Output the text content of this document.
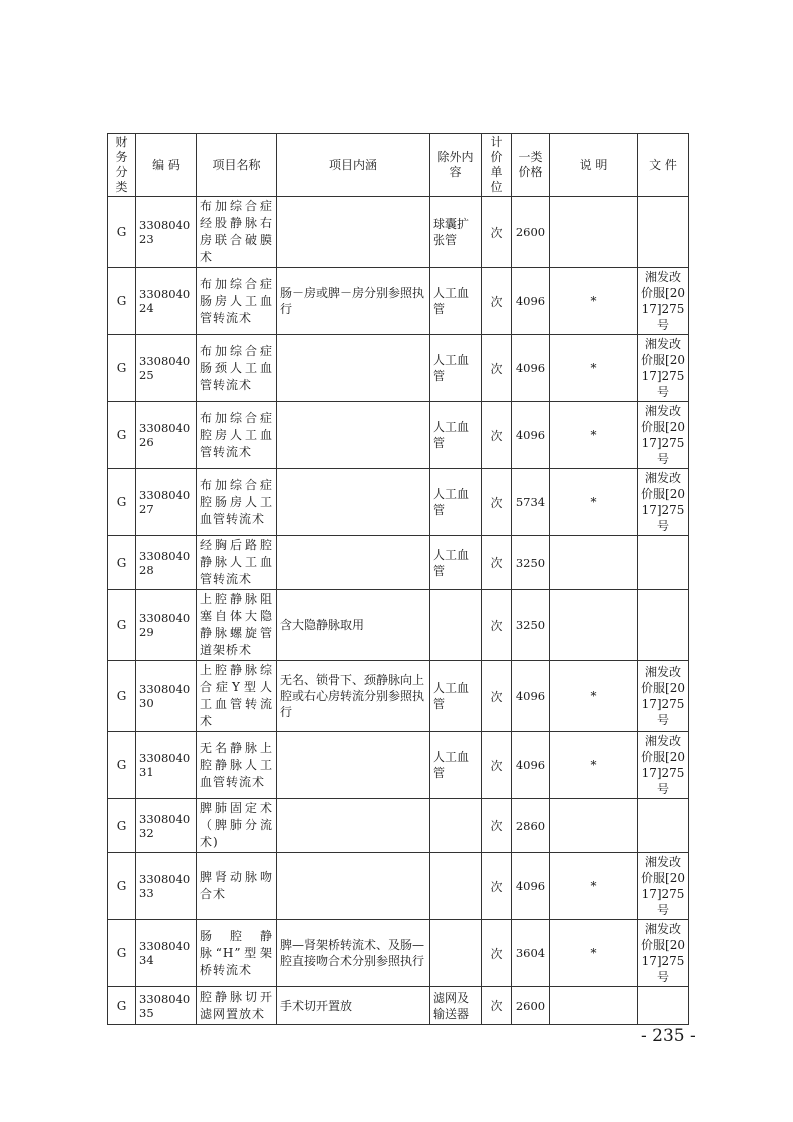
财务分类	编 码	项目名称	项目内涵	除外内容	计价单位	一类价格	说 明	文 件
G	330804023	布加综合症经股静脉右房联合破膜术		球囊扩张管	次	2600		
G	330804024	布加综合症肠房人工血管转流术	肠－房或脾－房分别参照执行	人工血管	次	4096	*	湘发改价服[2017]275号
G	330804025	布加综合症肠颈人工血管转流术		人工血管	次	4096	*	湘发改价服[2017]275号
G	330804026	布加综合症腔房人工血管转流术		人工血管	次	4096	*	湘发改价服[2017]275号
G	330804027	布加综合症腔肠房人工血管转流术		人工血管	次	5734	*	湘发改价服[2017]275号
G	330804028	经胸后路腔静脉人工血管转流术		人工血管	次	3250		
G	330804029	上腔静脉阻塞自体大隐静脉螺旋管道架桥术	含大隐静脉取用		次	3250		
G	330804030	上腔静脉综合症Y型人工血管转流术	无名、锁骨下、颈静脉向上腔或右心房转流分别参照执行	人工血管	次	4096	*	湘发改价服[2017]275号
G	330804031	无名静脉上腔静脉人工血管转流术		人工血管	次	4096	*	湘发改价服[2017]275号
G	330804032	脾肺固定术（脾肺分流术)			次	2860		
G	330804033	脾肾动脉吻合术			次	4096	*	湘发改价服[2017]275号
G	330804034	肠腔静脉“H”型架桥转流术	脾—肾架桥转流术、及肠—腔直接吻合术分别参照执行		次	3604	*	湘发改价服[2017]275号
G	330804035	腔静脉切开滤网置放术	手术切开置放	滤网及输送器	次	2600		
- 235 -
